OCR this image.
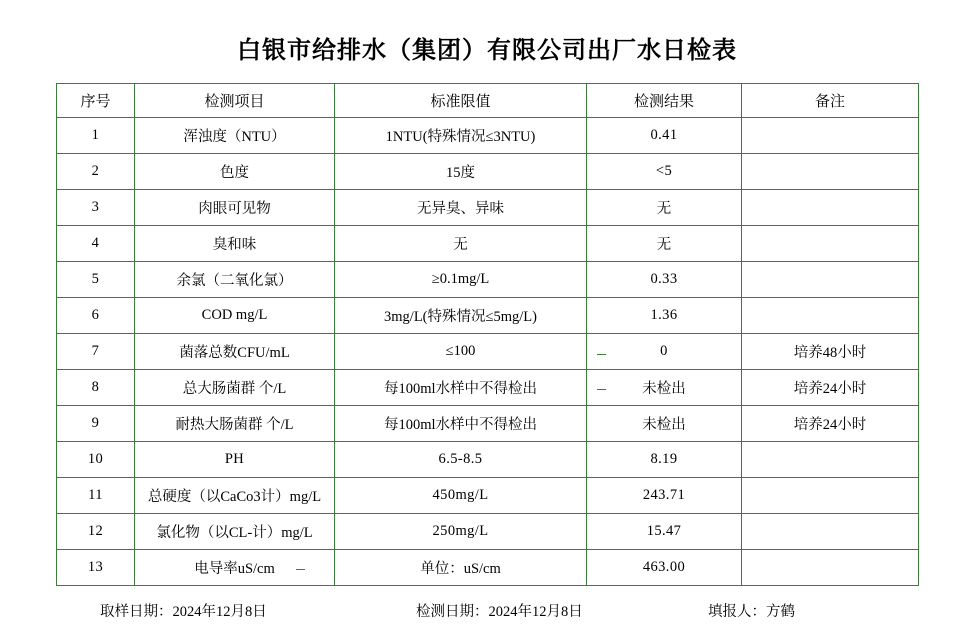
白银市给排水（集团）有限公司出厂水日检表
序号	检测项目	标准限值	检测结果	备注
1	浑浊度（NTU）	1NTU(特殊情况≤3NTU)	0.41	
2	色度	15度	<5	
3	肉眼可见物	无异臭、异味	无	
4	臭和味	无	无	
5	余氯（二氧化氯）	≥0.1mg/L	0.33	
6	COD mg/L	3mg/L(特殊情况≤5mg/L)	1.36	
7	菌落总数CFU/mL	≤100	0	培养48小时
8	总大肠菌群 个/L	每100ml水样中不得检出	未检出	培养24小时
9	耐热大肠菌群 个/L	每100ml水样中不得检出	未检出	培养24小时
10	PH	6.5-8.5	8.19	
11	总硬度（以CaCo3计）mg/L	450mg/L	243.71	
12	氯化物（以CL-计）mg/L	250mg/L	15.47	
13	电导率uS/cm	单位：uS/cm	463.00	
取样日期：2024年12月8日	检测日期：2024年12月8日	填报人：方鹤
